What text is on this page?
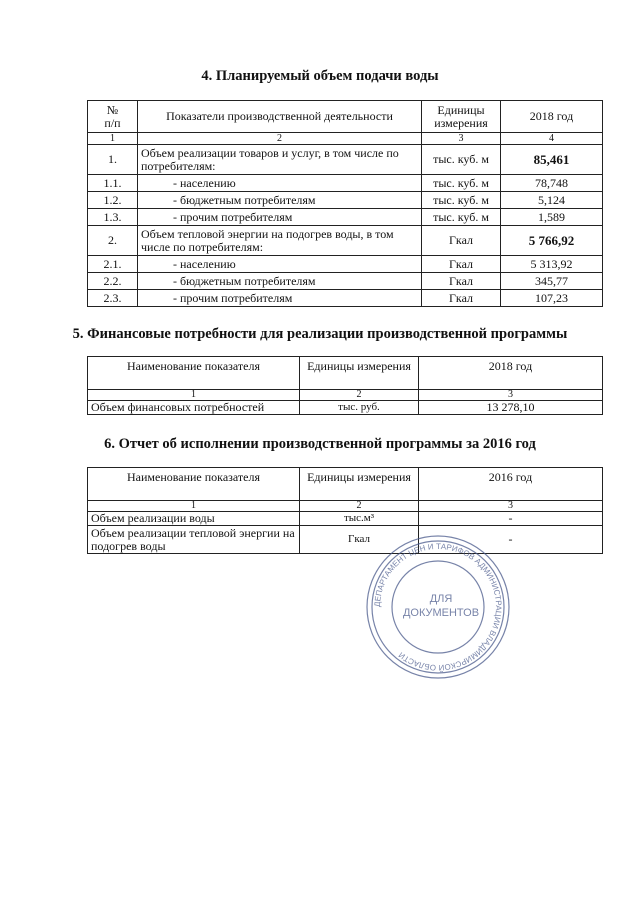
4. Планируемый объем подачи воды
№
п/п	Показатели производственной деятельности	Единицы измерения	2018 год
1	2	3	4
1.	Объем реализации товаров и услуг, в том числе по потребителям:	тыс. куб. м	85,461
1.1.	- населению	тыс. куб. м	78,748
1.2.	- бюджетным потребителям	тыс. куб. м	5,124
1.3.	- прочим потребителям	тыс. куб. м	1,589
2.	Объем тепловой энергии на подогрев воды, в том числе по потребителям:	Гкал	5 766,92
2.1.	- населению	Гкал	5 313,92
2.2.	- бюджетным потребителям	Гкал	345,77
2.3.	- прочим потребителям	Гкал	107,23
5. Финансовые потребности для реализации производственной программы
Наименование показателя	Единицы измерения	2018 год
1	2	3
Объем финансовых потребностей	тыс. руб.	13 278,10
6. Отчет об исполнении производственной программы за 2016 год
Наименование показателя	Единицы измерения	2016 год
1	2	3
Объем реализации воды	тыс.м³	-
Объем реализации тепловой энергии на подогрев воды	Гкал	-
ДЕПАРТАМЕНТ ЦЕН И ТАРИФОВ АДМИНИСТРАЦИИ ВЛАДИМИРСКОЙ ОБЛАСТИ
ДЛЯ
ДОКУМЕНТОВ
